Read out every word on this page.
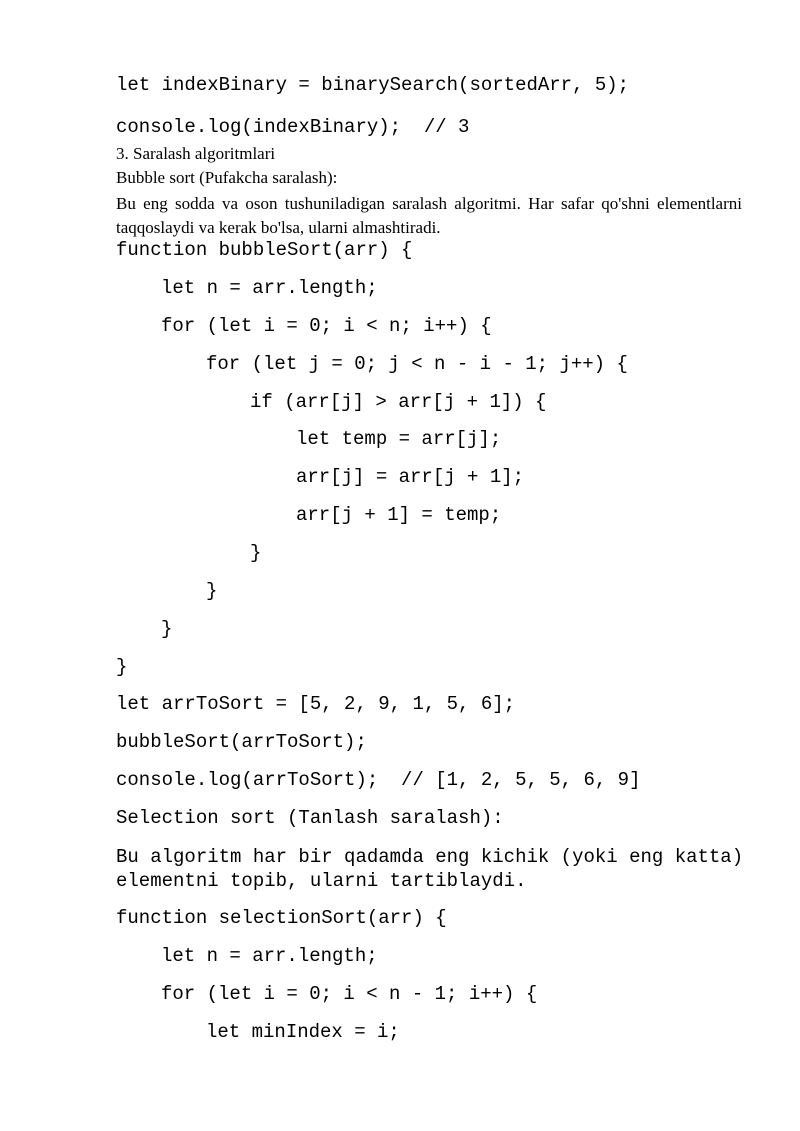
let indexBinary = binarySearch(sortedArr, 5);
console.log(indexBinary);  // 3
3. Saralash algoritmlari
Bubble sort (Pufakcha saralash):
Bu eng sodda va oson tushuniladigan saralash algoritmi. Har safar qo'shni elementlarni taqqoslaydi va kerak bo'lsa, ularni almashtiradi.
function bubbleSort(arr) {
let n = arr.length;
for (let i = 0; i < n; i++) {
for (let j = 0; j < n - i - 1; j++) {
if (arr[j] > arr[j + 1]) {
let temp = arr[j];
arr[j] = arr[j + 1];
arr[j + 1] = temp;
}
}
}
}
let arrToSort = [5, 2, 9, 1, 5, 6];
bubbleSort(arrToSort);
console.log(arrToSort);  // [1, 2, 5, 5, 6, 9]
Selection sort (Tanlash saralash):
Bu algoritm har bir qadamda eng kichik (yoki eng katta) elementni topib, ularni tartiblaydi.
function selectionSort(arr) {
let n = arr.length;
for (let i = 0; i < n - 1; i++) {
let minIndex = i;
